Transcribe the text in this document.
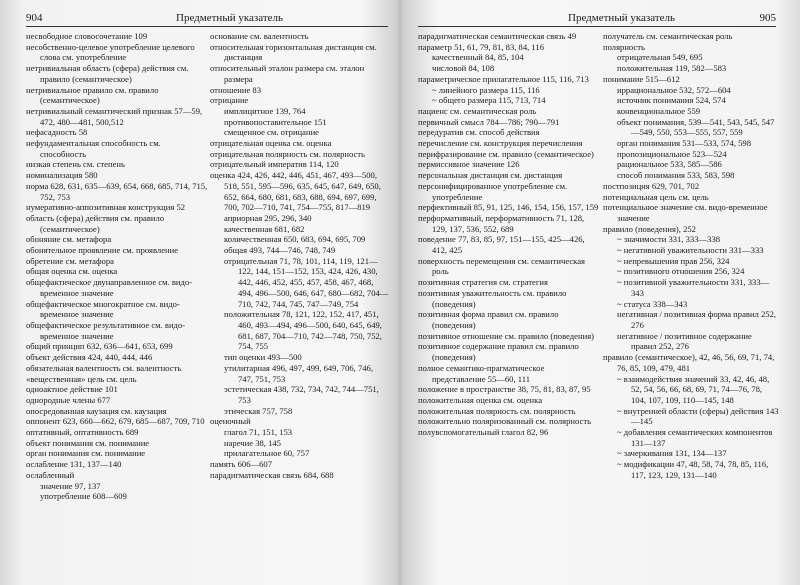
904	Предметный указатель

несвободное словосочетание 109

несобственно-целевое употребление целевого слова см. употребление

нетривиальная область (сфера) действия см. правило (семантическое)

нетривиальное правило см. правило (семантическое)

нетривиальный семантический признак 57—59, 472, 480—481, 500,512

нефасадность 58

нефундаментальная способность см. способность

низкая степень см. степень

номинализация 580

норма 628, 631, 635—639, 654, 668, 685, 714, 715, 752, 753

нумеративно-аппозитивная конструкция 52

область (сфера) действия см. правило (семантическое)

обоняние см. метафора

обонятельное проявление см. проявление

обретение см. метафора

общая оценка см. оценка

общефактическое двунаправленное см. видо-временное значение

общефактическое многократное см. видо-временное значение

общефактическое результативное см. видо-временное значение

общий принцип 632, 636—641, 653, 699

объект действия 424, 440, 444, 446

обязательная валентность см. валентность

«вещественная» цель см. цель

одноактное действие 101

однородные члены 677

опосредованная каузация см. каузация

оппонент 623, 660—662, 679, 685—687, 709, 710

оптативный, оптативность 689

объект понимания см. понимание

орган понимания см. понимание

ослабление 131, 137—140

ослабленный

значение 97, 137

употребление 608—609

основание см. валентность

относительная горизонтальная дистанция см. дистанция

относительный эталон размера см. эталон размера

отношение 83

отрицание

имплицитное 139, 764

противопоставительное 151

смещенное см. отрицание

отрицательная оценка см. оценка

отрицательная полярность см. полярность

отрицательный императив 114, 120

оценка 424, 426, 442, 446, 451, 467, 493—500, 518, 551, 595—596, 635, 645, 647, 649, 650, 652, 664, 680, 681, 683, 688, 694, 697, 699, 700, 702—710, 741, 754—755, 817—819

априорная 295, 296, 340

качественная 681, 682

количественная 650, 683, 694, 695, 709

общая 493, 744—746, 748, 749

отрицательная 71, 78, 101, 114, 119, 121—122, 144, 151—152, 153, 424, 426, 430, 442, 446, 452, 455, 457, 458, 467, 468, 494, 496—500, 646, 647, 680—682, 704—710, 742, 744, 745, 747—749, 754

положительная 78, 121, 122, 152, 417, 451, 460, 493—494, 496—500, 640, 645, 649, 681, 687, 704—710, 742—748, 750, 752, 754, 755

тип оценки 493—500

утилитарная 496, 497, 499, 649, 706, 746, 747, 751, 753

эстетическая 438, 732, 734, 742, 744—751, 753

этическая 757, 758

оценочный

глагол 71, 151, 153

наречие 38, 145

прилагательное 60, 757

память 606—607

парадигматическая связь 684, 688

Предметный указатель	905

парадигматическая семантическая связь 49

параметр 51, 61, 79, 81, 83, 84, 116

качественный 84, 85, 104

числовой 84, 108

параметрическое прилагательное 115, 116, 713

~ линейного размера 115, 116

~ общего размера 115, 713, 714

пациенс см. семантическая роль

первичный смысл 784—786; 790—791

передуратив см. способ действия

перечисление см. конструкция перечисления

перифразирование см. правило (семантическое)

пермиссивное значение 126

персональная дистанция см. дистанция

персонифицированное употребление см. употребление

перфективный 85, 91, 125, 146, 154, 156, 157, 159

перформативный, перформативность 71, 128, 129, 137, 536, 552, 689

поведение 77, 83, 85, 97, 151—155, 425—426, 412, 425

поверхность перемещения см. семантическая роль

позитивная стратегия см. стратегия

позитивная уважительность см. правило (поведения)

позитивная форма правил см. правило (поведения)

позитивное отношение см. правило (поведения)

позитивное содержание правил см. правило (поведения)

полное семантико-прагматическое представление 55—60, 111

положение в пространстве 38, 75, 81, 83, 87, 95

положительная оценка см. оценка

положительная полярность см. полярность

положительно поляризованный см. полярность

полувспомогательный глагол 82, 96

получатель см. семантическая роль

полярность

отрицательная 549, 695

положительная 119, 582—583

понимание 515—612

иррациональное 532, 572—604

источник понимания 524, 574

конвенциональное 559

объект понимания, 539—541, 543, 545, 547—549, 550, 553—555, 557, 559

орган понимания 531—533, 574, 598

пропозициональное 523—524

рациональное 533, 585—586

способ понимания 533, 583, 598

постпозиция 629, 701, 702

потенциальная цель см. цель

потенциальное значение см. видо-временное значение

правило (поведения), 252

~ значимости 331, 333—338

~ негативной уважительности 331—333

~ непревышения прав 256, 324

~ позитивного отношения 256, 324

~ позитивной уважительности 331, 333—343

~ статуса 338—343

негативная / позитивная форма правил 252, 276

негативное / позитивное содержание правил 252, 276

правило (семантическое), 42, 46, 56, 69, 71, 74, 76, 85, 109, 479, 481

~ взаимодействия значений 33, 42, 46, 48, 52, 54, 56, 66, 68, 69, 71, 74—76, 78, 104, 107, 109, 110—145, 148

~ внутренней области (сферы) действия 143—145

~ добавления семантических компонентов 131—137

~ зачеркивания 131, 134—137

~ модификации 47, 48, 58, 74, 78, 85, 116, 117, 123, 129, 131—140
